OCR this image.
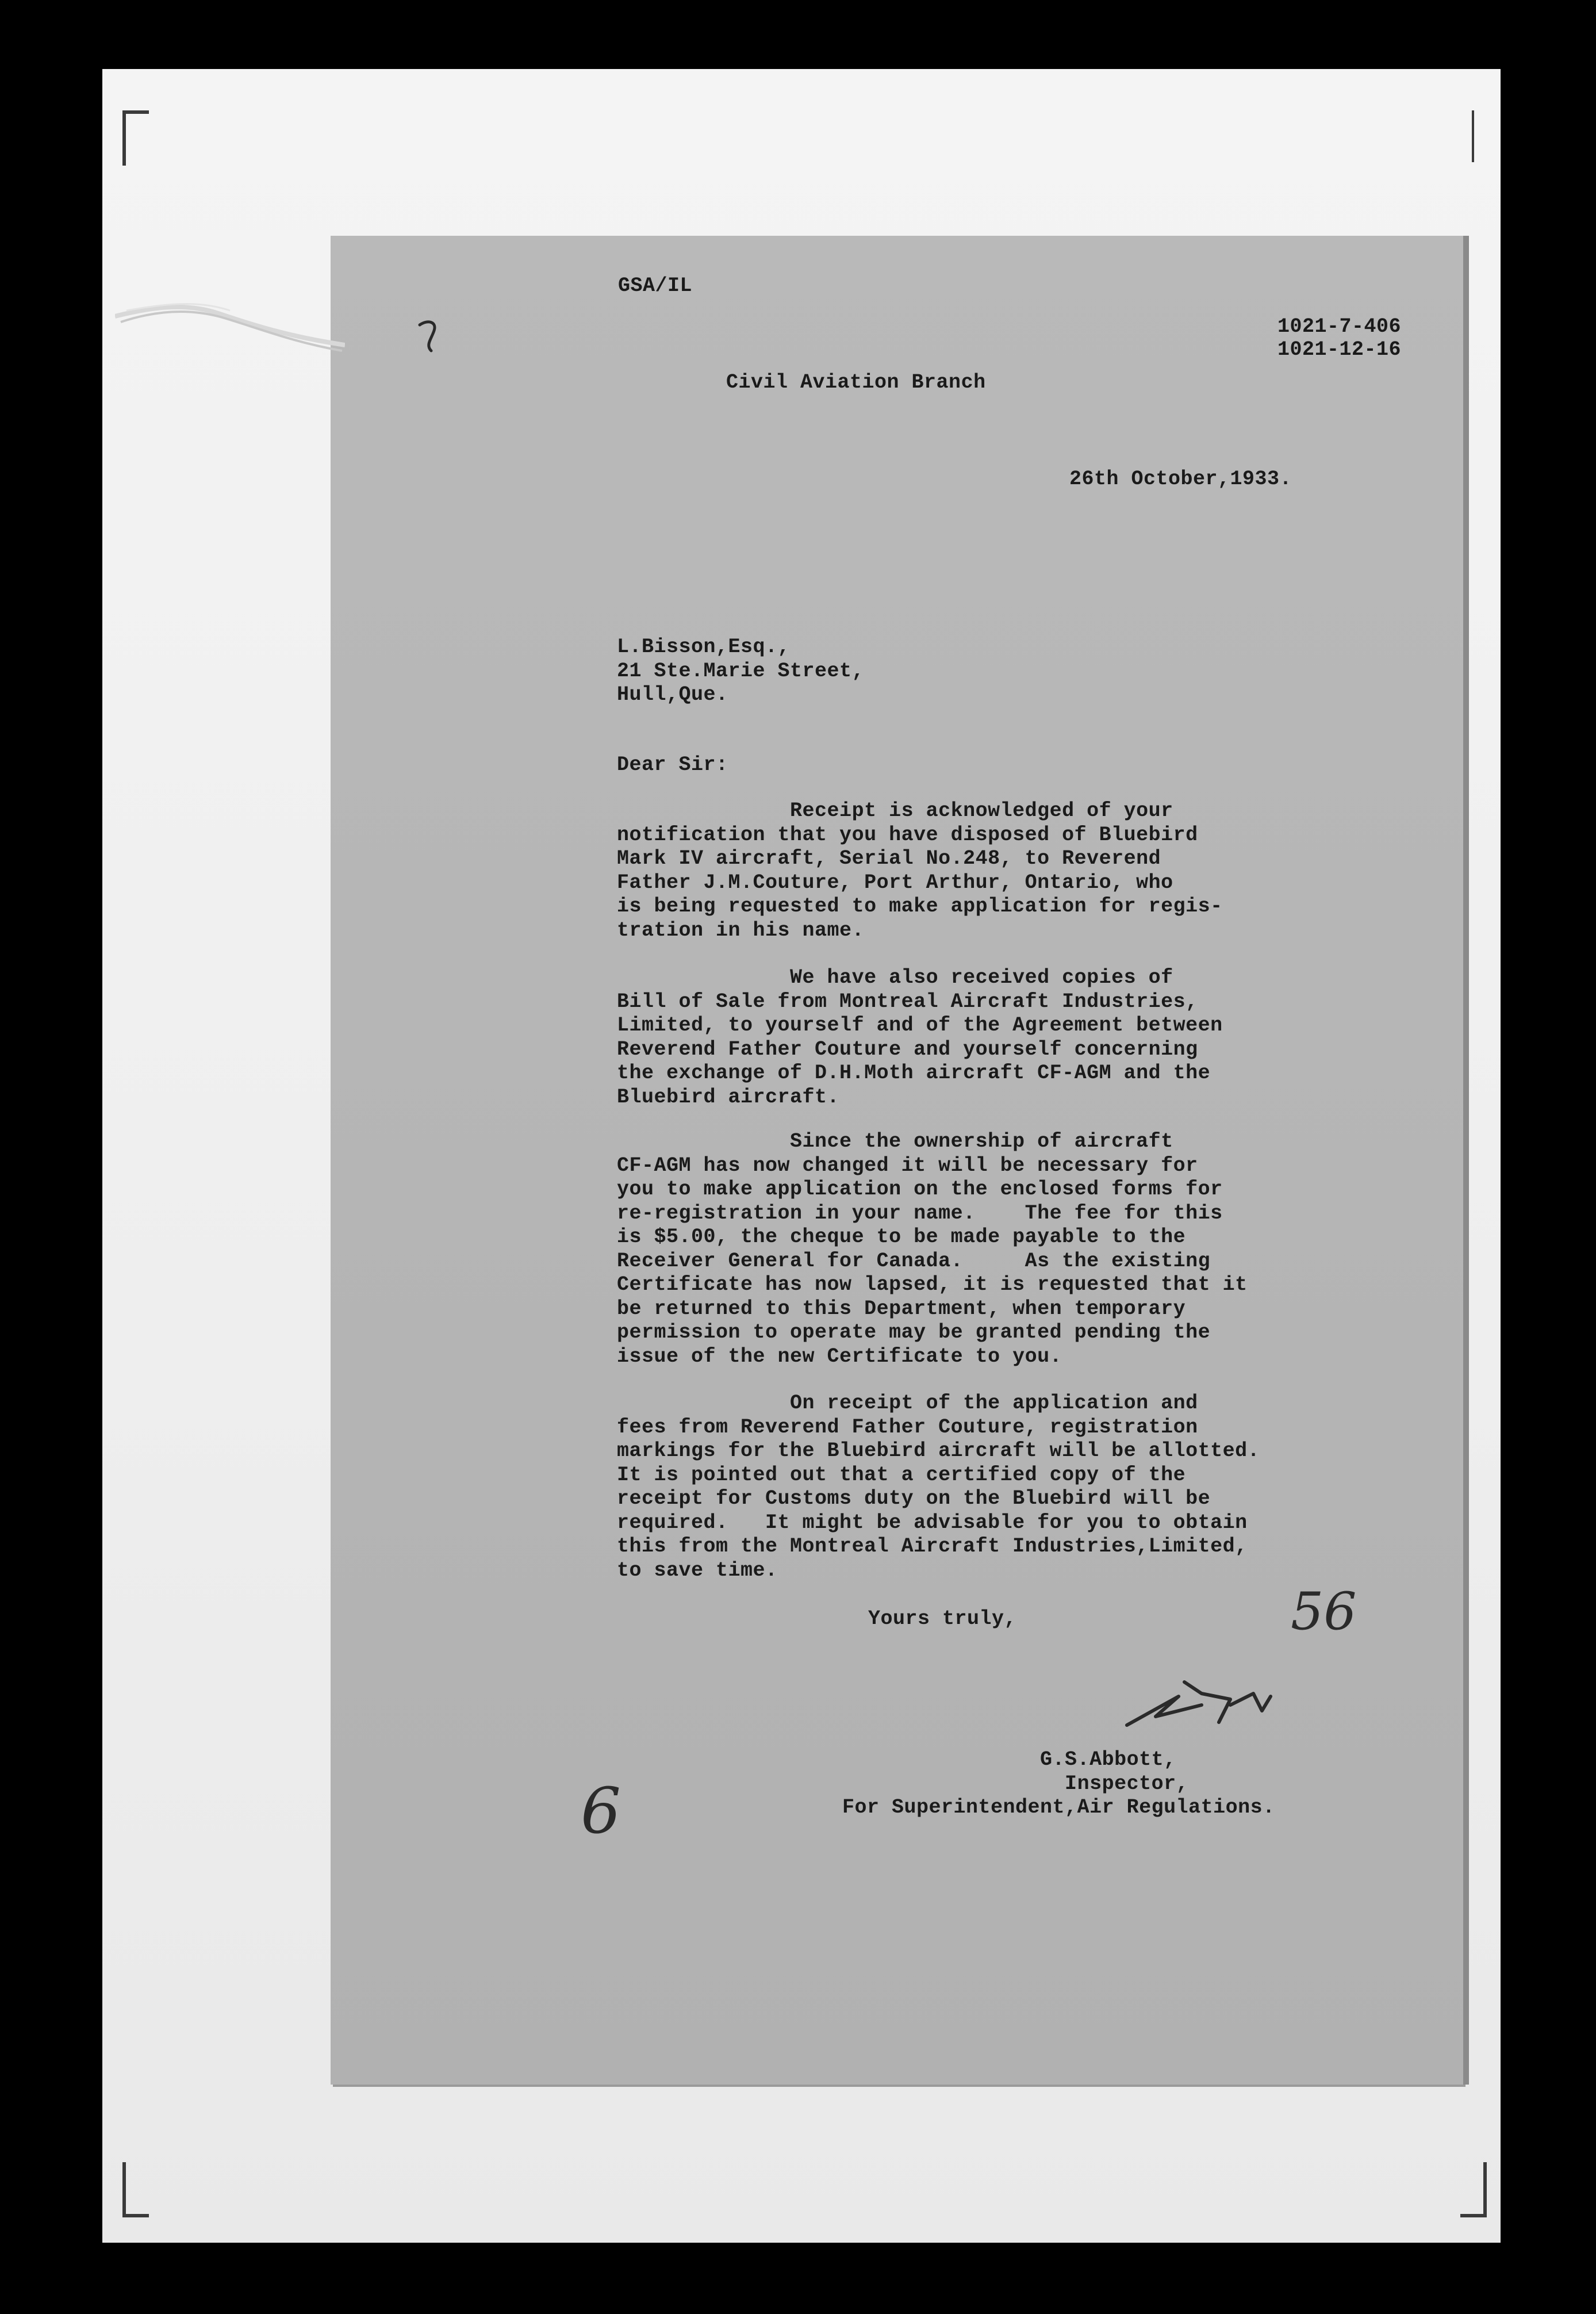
GSA/IL
1021-7-406
1021-12-16
Civil Aviation Branch
26th October,1933.
L.Bisson,Esq.,
21 Ste.Marie Street,
Hull,Que.
Dear Sir:
Receipt is acknowledged of your
notification that you have disposed of Bluebird
Mark IV aircraft, Serial No.248, to Reverend
Father J.M.Couture, Port Arthur, Ontario, who
is being requested to make application for regis-
tration in his name.
We have also received copies of
Bill of Sale from Montreal Aircraft Industries,
Limited, to yourself and of the Agreement between
Reverend Father Couture and yourself concerning
the exchange of D.H.Moth aircraft CF-AGM and the
Bluebird aircraft.
Since the ownership of aircraft
CF-AGM has now changed it will be necessary for
you to make application on the enclosed forms for
re-registration in your name.    The fee for this
is $5.00, the cheque to be made payable to the
Receiver General for Canada.     As the existing
Certificate has now lapsed, it is requested that it
be returned to this Department, when temporary
permission to operate may be granted pending the
issue of the new Certificate to you.
On receipt of the application and
fees from Reverend Father Couture, registration
markings for the Bluebird aircraft will be allotted.
It is pointed out that a certified copy of the
receipt for Customs duty on the Bluebird will be
required.   It might be advisable for you to obtain
this from the Montreal Aircraft Industries,Limited,
to save time.
Yours truly,
G.S.Abbott,
Inspector,
For Superintendent,Air Regulations.
56
6
